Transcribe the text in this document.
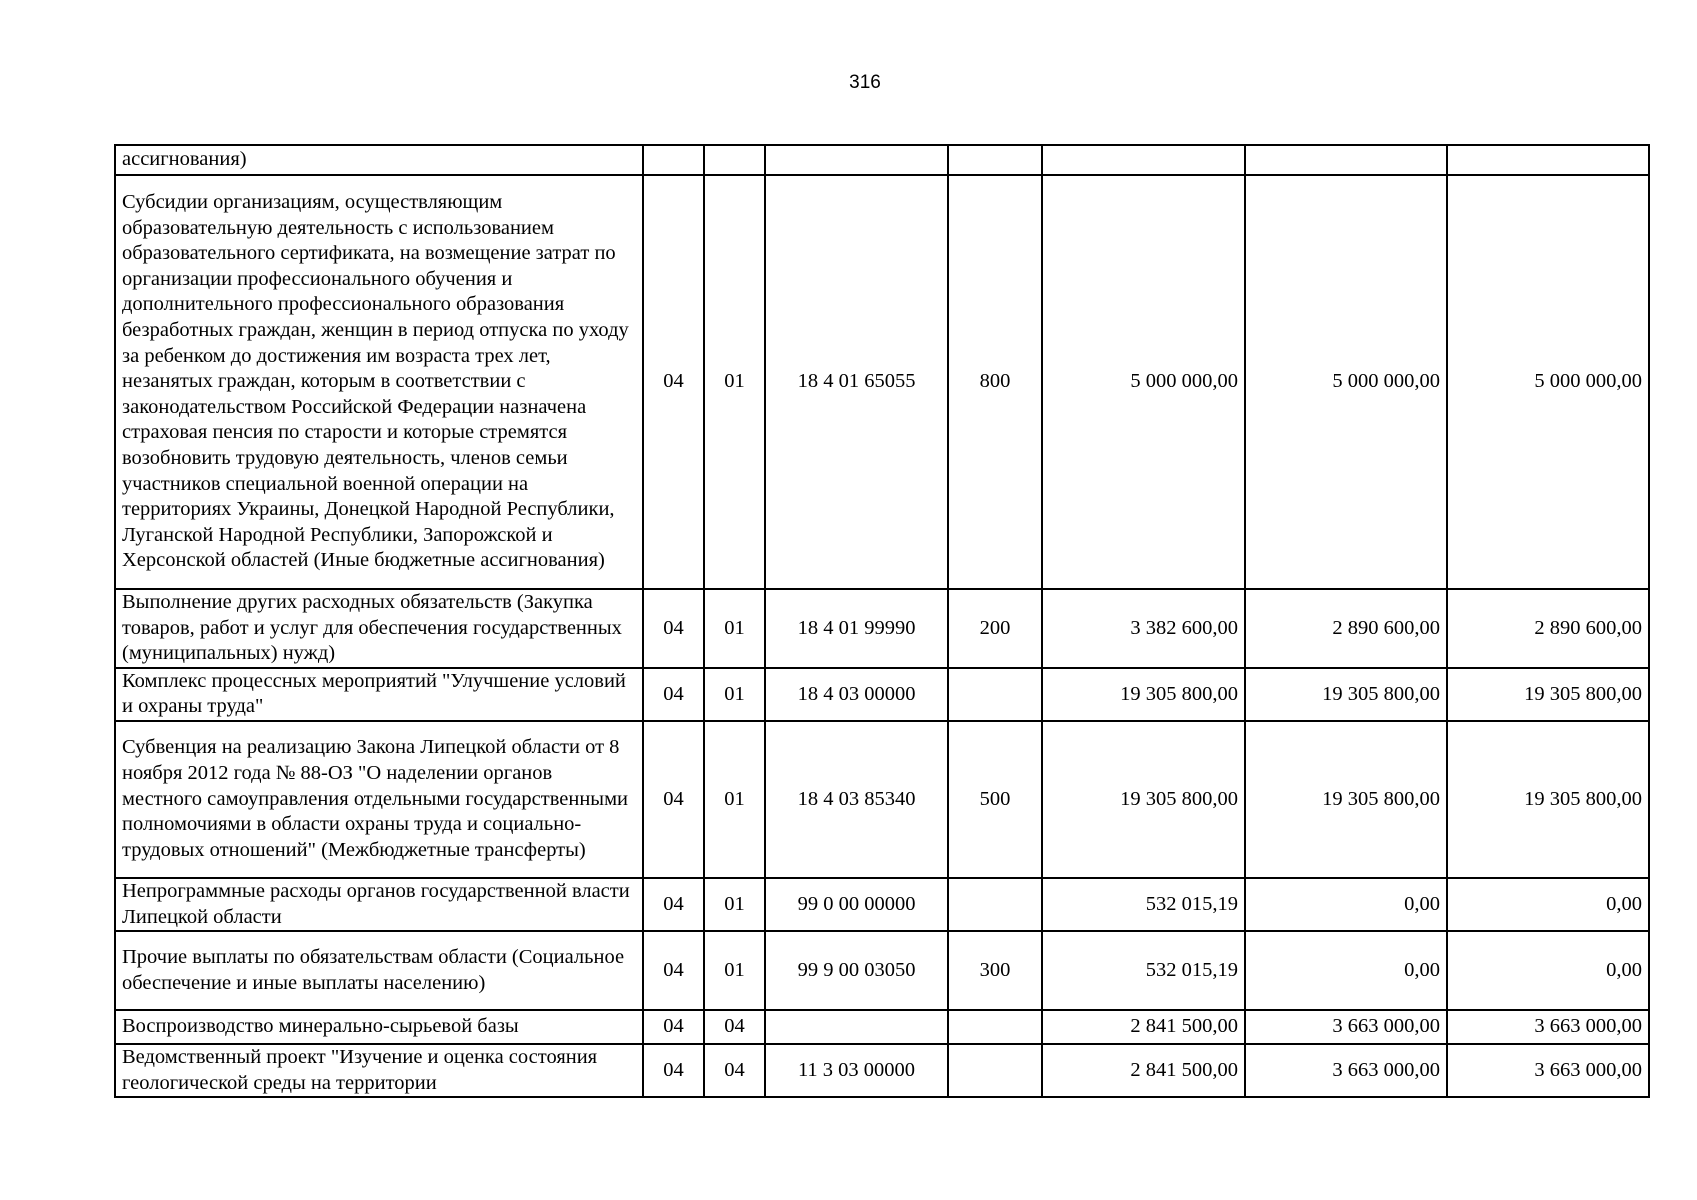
316
ассигнования)							
Субсидии организациям, осуществляющим образовательную деятельность с использованием образовательного сертификата, на возмещение затрат по организации профессионального обучения и дополнительного профессионального образования безработных граждан, женщин в период отпуска по уходу за ребенком до достижения им возраста трех лет, незанятых граждан, которым в соответствии с законодательством Российской Федерации назначена страховая пенсия по старости и которые стремятся возобновить трудовую деятельность, членов семьи участников специальной военной операции на территориях Украины, Донецкой Народной Республики, Луганской Народной Республики, Запорожской и Херсонской областей (Иные бюджетные ассигнования)	04	01	18 4 01 65055	800	5 000 000,00	5 000 000,00	5 000 000,00
Выполнение других расходных обязательств (Закупка товаров, работ и услуг для обеспечения государственных (муниципальных) нужд)	04	01	18 4 01 99990	200	3 382 600,00	2 890 600,00	2 890 600,00
Комплекс процессных мероприятий "Улучшение условий и охраны труда"	04	01	18 4 03 00000		19 305 800,00	19 305 800,00	19 305 800,00
Субвенция на реализацию Закона Липецкой области от 8 ноября 2012 года № 88-ОЗ "О наделении органов местного самоуправления отдельными государственными полномочиями в области охраны труда и социально-трудовых отношений" (Межбюджетные трансферты)	04	01	18 4 03 85340	500	19 305 800,00	19 305 800,00	19 305 800,00
Непрограммные расходы органов государственной власти Липецкой области	04	01	99 0 00 00000		532 015,19	0,00	0,00
Прочие выплаты по обязательствам области (Социальное обеспечение и иные выплаты населению)	04	01	99 9 00 03050	300	532 015,19	0,00	0,00
Воспроизводство минерально-сырьевой базы	04	04			2 841 500,00	3 663 000,00	3 663 000,00
Ведомственный проект "Изучение и оценка состояния геологической среды на территории	04	04	11 3 03 00000		2 841 500,00	3 663 000,00	3 663 000,00
